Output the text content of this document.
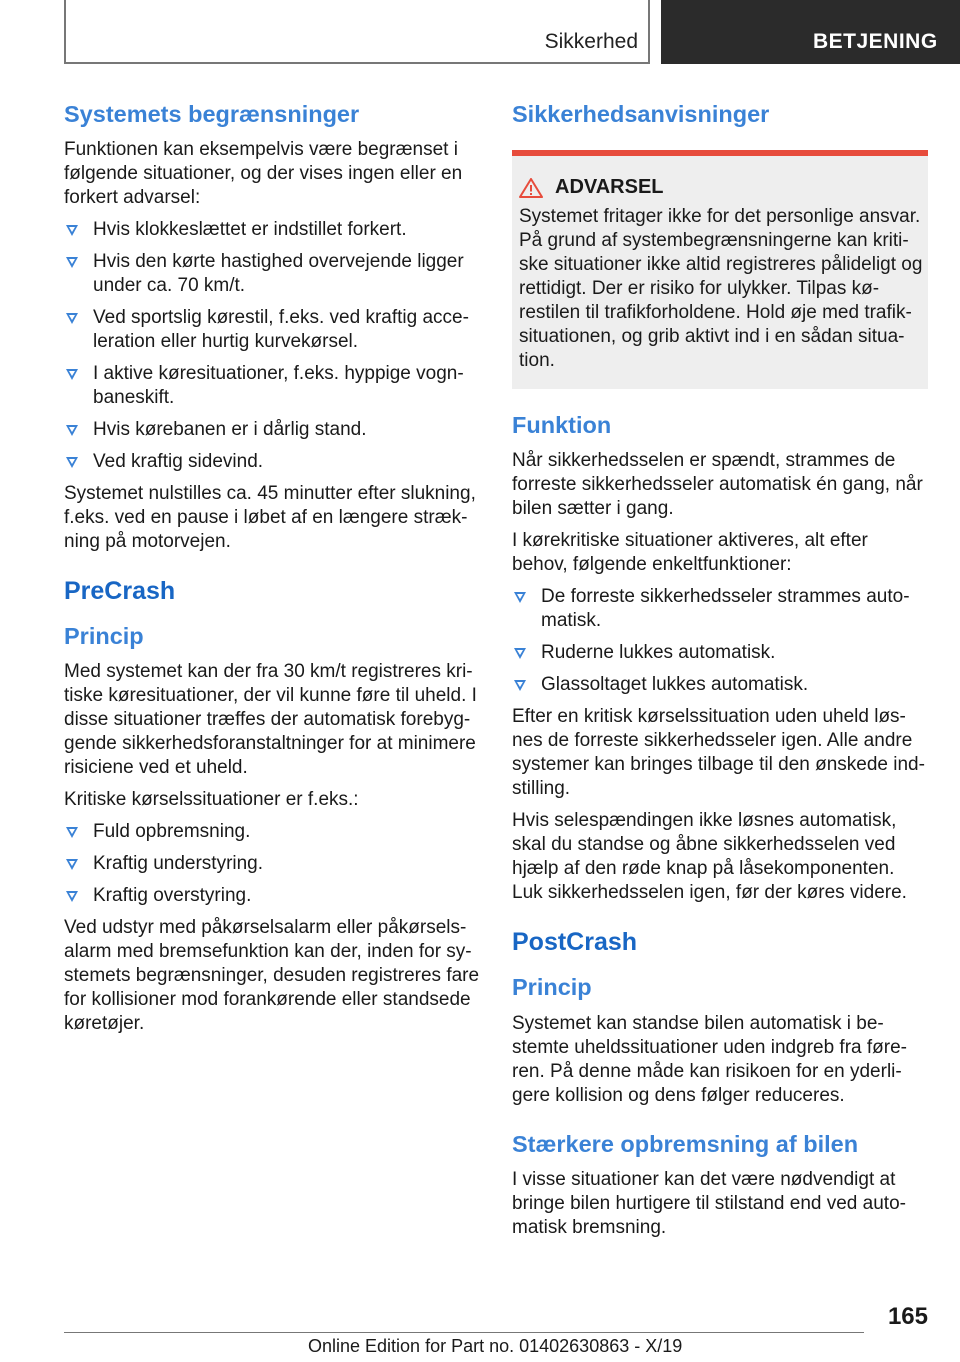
Sikkerhed	BETJENING
Systemets begrænsninger
Funktionen kan eksempelvis være begrænset i følgende situationer, og der vises ingen eller en forkert advarsel:
Hvis klokkeslættet er indstillet forkert.
Hvis den kørte hastighed overvejende ligger under ca. 70 km/t.
Ved sportslig kørestil, f.eks. ved kraftig acce-leration eller hurtig kurvekørsel.
I aktive køresituationer, f.eks. hyppige vogn-baneskift.
Hvis kørebanen er i dårlig stand.
Ved kraftig sidevind.
Systemet nulstilles ca. 45 minutter efter slukning, f.eks. ved en pause i løbet af en længere stræk-ning på motorvejen.
PreCrash
Princip
Med systemet kan der fra 30 km/t registreres kri-tiske køresituationer, der vil kunne føre til uheld. I disse situationer træffes der automatisk forebyg-gende sikkerhedsforanstaltninger for at minimere risiciene ved et uheld.
Kritiske kørselssituationer er f.eks.:
Fuld opbremsning.
Kraftig understyring.
Kraftig overstyring.
Ved udstyr med påkørselsalarm eller påkørsels-alarm med bremsefunktion kan der, inden for sy-stemets begrænsninger, desuden registreres fare for kollisioner mod forankørende eller standsede køretøjer.
Sikkerhedsanvisninger
ADVARSEL
Systemet fritager ikke for det personlige ansvar. På grund af systembegrænsningerne kan kriti-ske situationer ikke altid registreres pålideligt og rettidigt. Der er risiko for ulykker. Tilpas kø-restilen til trafikforholdene. Hold øje med trafik-situationen, og grib aktivt ind i en sådan situa-tion.
Funktion
Når sikkerhedsselen er spændt, strammes de forreste sikkerhedsseler automatisk én gang, når bilen sætter i gang.
I kørekritiske situationer aktiveres, alt efter behov, følgende enkeltfunktioner:
De forreste sikkerhedsseler strammes auto-matisk.
Ruderne lukkes automatisk.
Glassoltaget lukkes automatisk.
Efter en kritisk kørselssituation uden uheld løs-nes de forreste sikkerhedsseler igen. Alle andre systemer kan bringes tilbage til den ønskede ind-stilling.
Hvis selespændingen ikke løsnes automatisk, skal du standse og åbne sikkerhedsselen ved hjælp af den røde knap på låsekomponenten. Luk sikkerhedsselen igen, før der køres videre.
PostCrash
Princip
Systemet kan standse bilen automatisk i be-stemte uheldssituationer uden indgreb fra føre-ren. På denne måde kan risikoen for en yderli-gere kollision og dens følger reduceres.
Stærkere opbremsning af bilen
I visse situationer kan det være nødvendigt at bringe bilen hurtigere til stilstand end ved auto-matisk bremsning.
165
Online Edition for Part no. 01402630863 - X/19
